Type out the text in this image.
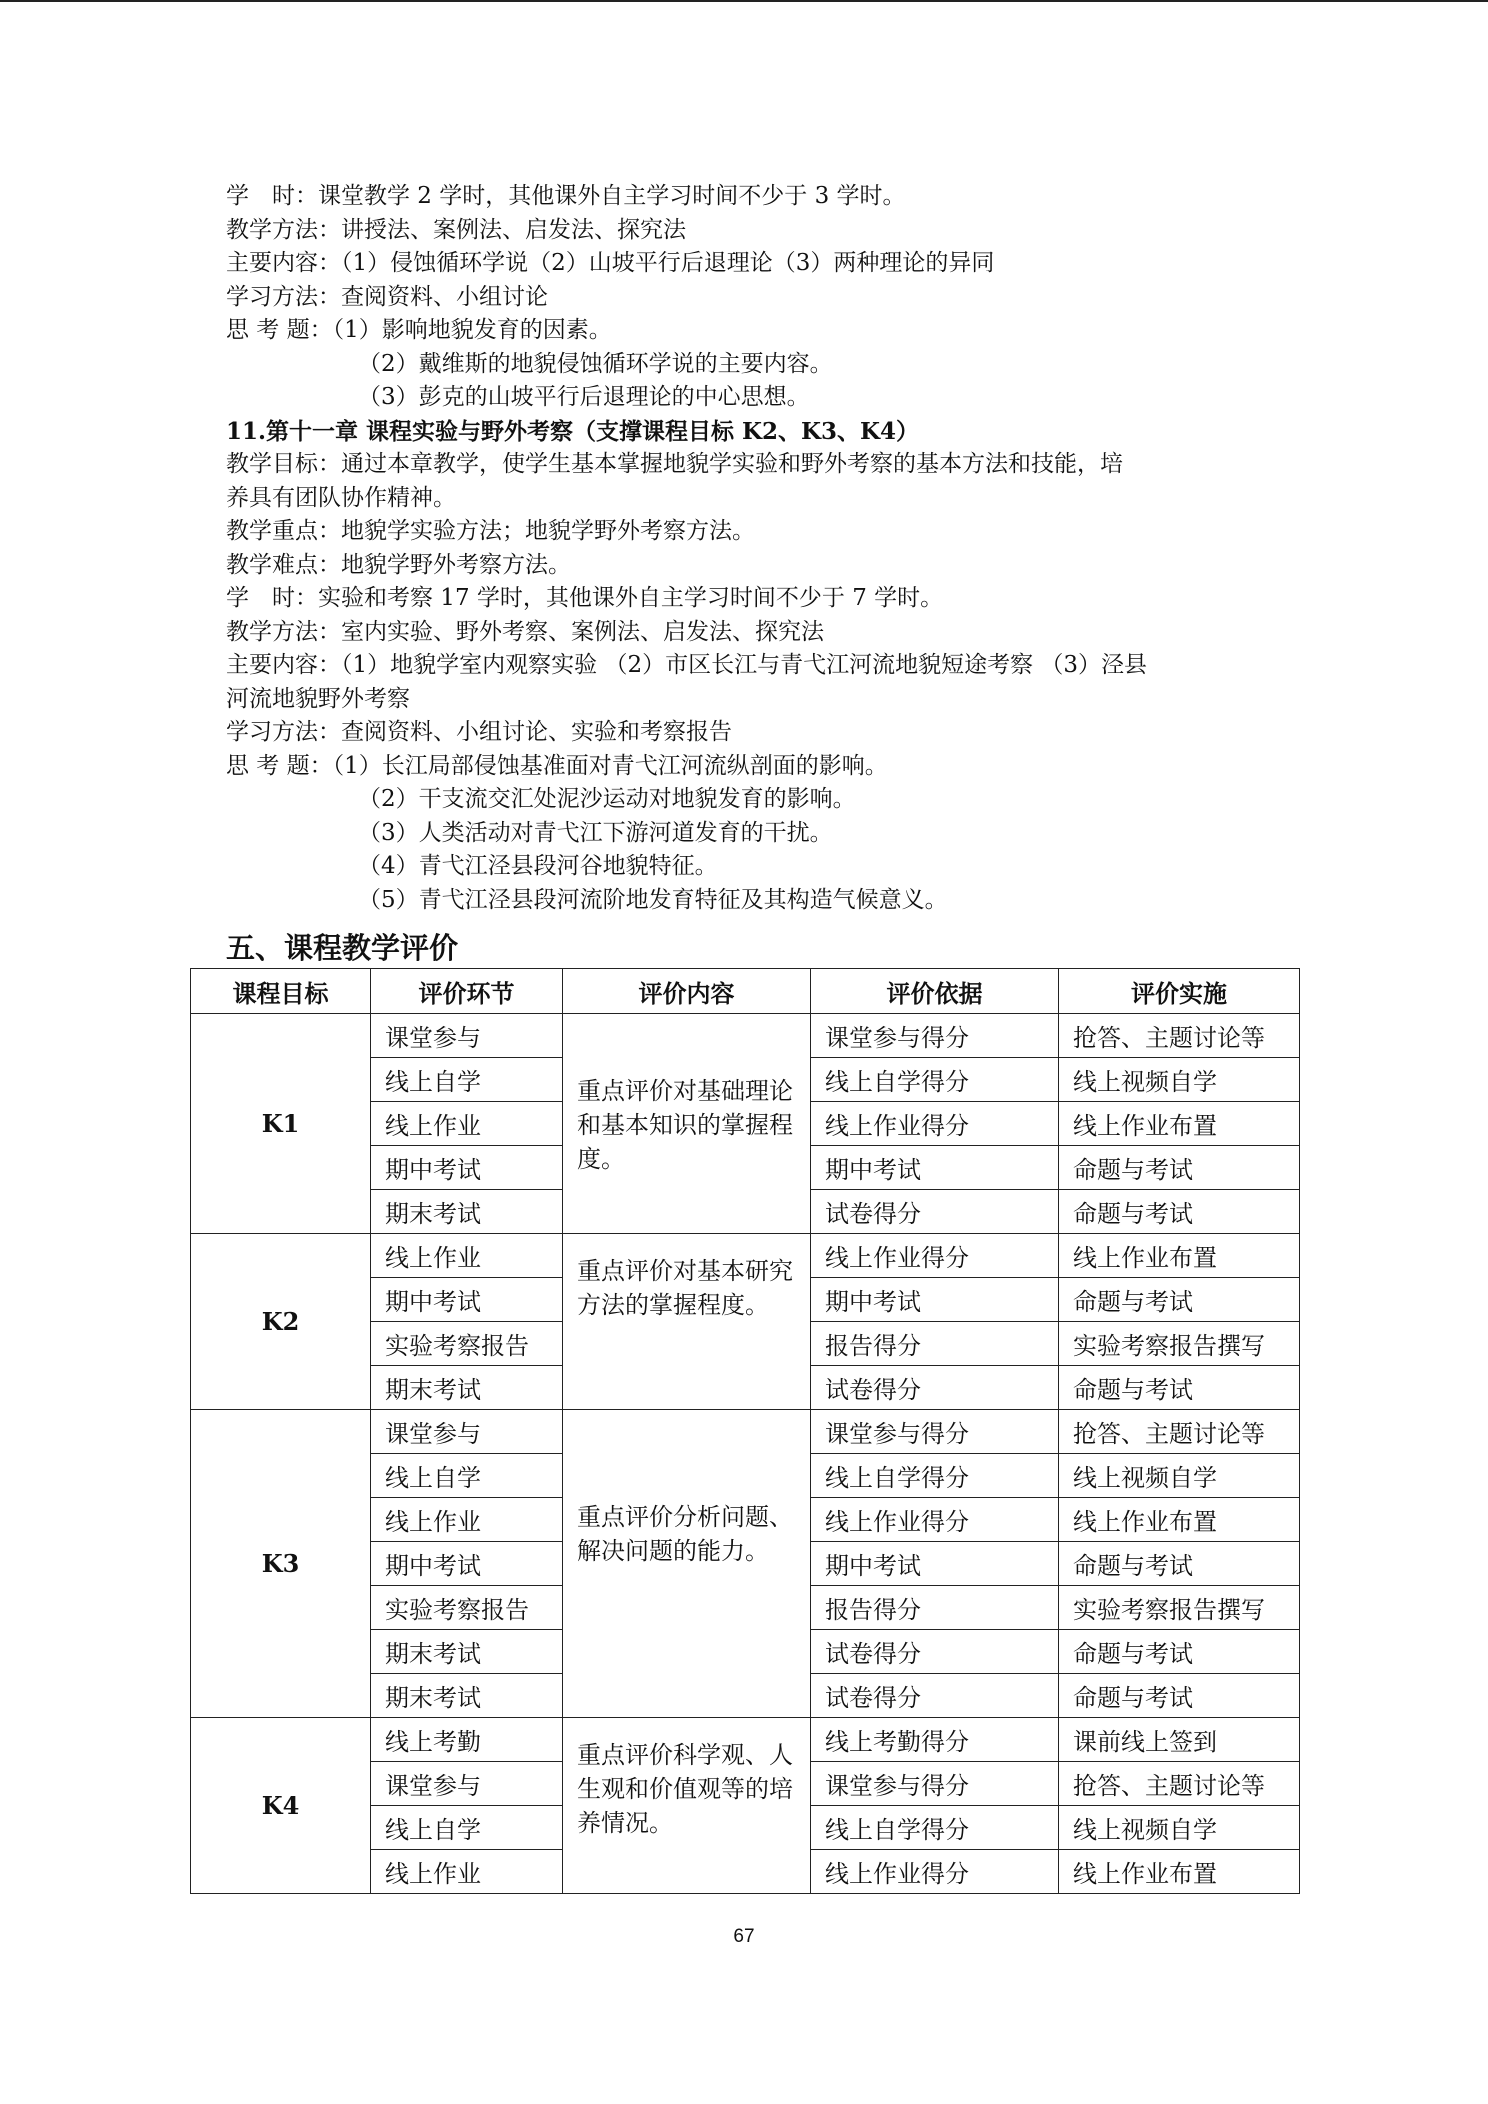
学　时：课堂教学 2 学时，其他课外自主学习时间不少于 3 学时。
教学方法：讲授法、案例法、启发法、探究法
主要内容：（1）侵蚀循环学说（2）山坡平行后退理论（3）两种理论的异同
学习方法：查阅资料、小组讨论
思 考 题：（1）影响地貌发育的因素。
（2）戴维斯的地貌侵蚀循环学说的主要内容。
（3）彭克的山坡平行后退理论的中心思想。
11.第十一章 课程实验与野外考察（支撑课程目标 K2、K3、K4）
教学目标：通过本章教学，使学生基本掌握地貌学实验和野外考察的基本方法和技能，培
养具有团队协作精神。
教学重点：地貌学实验方法；地貌学野外考察方法。
教学难点：地貌学野外考察方法。
学　时：实验和考察 17 学时，其他课外自主学习时间不少于 7 学时。
教学方法：室内实验、野外考察、案例法、启发法、探究法
主要内容：（1）地貌学室内观察实验 （2）市区长江与青弋江河流地貌短途考察 （3）泾县
河流地貌野外考察
学习方法：查阅资料、小组讨论、实验和考察报告
思 考 题：（1）长江局部侵蚀基准面对青弋江河流纵剖面的影响。
（2）干支流交汇处泥沙运动对地貌发育的影响。
（3）人类活动对青弋江下游河道发育的干扰。
（4）青弋江泾县段河谷地貌特征。
（5）青弋江泾县段河流阶地发育特征及其构造气候意义。
五、课程教学评价
课程目标	评价环节	评价内容	评价依据	评价实施
K1	课堂参与	重点评价对基础理论和基本知识的掌握程度。	课堂参与得分	抢答、主题讨论等
	线上自学		线上自学得分	线上视频自学
	线上作业		线上作业得分	线上作业布置
	期中考试		期中考试	命题与考试
	期末考试		试卷得分	命题与考试
K2	线上作业	重点评价对基本研究方法的掌握程度。	线上作业得分	线上作业布置
	期中考试		期中考试	命题与考试
	实验考察报告		报告得分	实验考察报告撰写
	期末考试		试卷得分	命题与考试
K3	课堂参与	重点评价分析问题、解决问题的能力。	课堂参与得分	抢答、主题讨论等
	线上自学		线上自学得分	线上视频自学
	线上作业		线上作业得分	线上作业布置
	期中考试		期中考试	命题与考试
	实验考察报告		报告得分	实验考察报告撰写
	期末考试		试卷得分	命题与考试
	期末考试		试卷得分	命题与考试
K4	线上考勤	重点评价科学观、人生观和价值观等的培养情况。	线上考勤得分	课前线上签到
	课堂参与		课堂参与得分	抢答、主题讨论等
	线上自学		线上自学得分	线上视频自学
	线上作业		线上作业得分	线上作业布置
67
